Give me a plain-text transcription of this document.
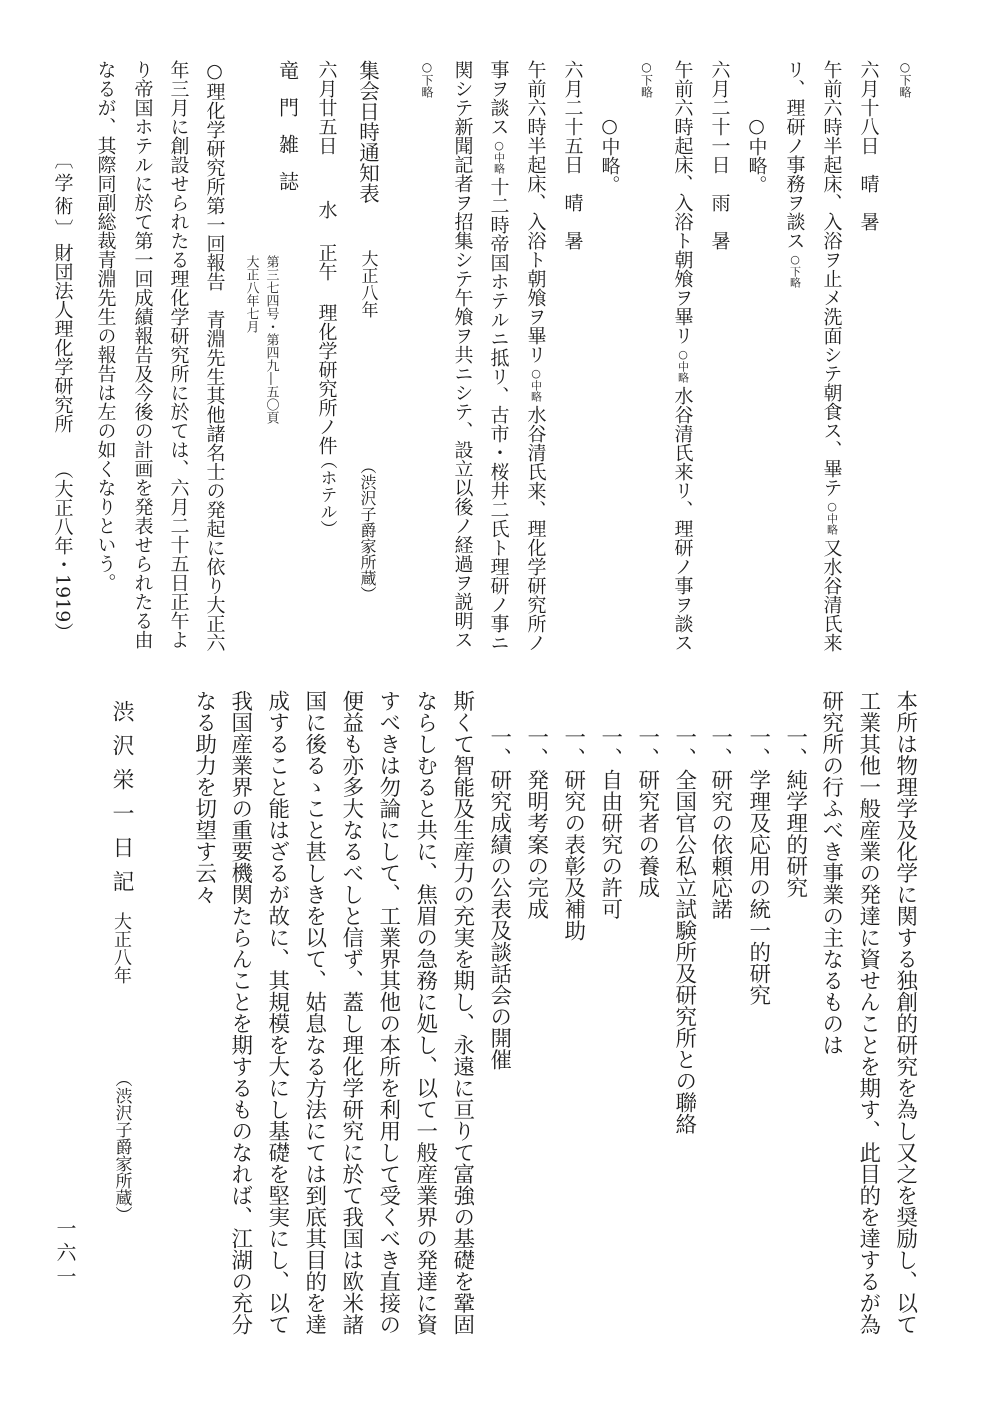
○下略
六月十八日　晴　暑
午前六時半起床、入浴ヲ止メ洗面シテ朝食ス、畢テ○中略又水谷清氏来
リ、理研ノ事務ヲ談ス○下略
○中略。
六月二十一日　雨　暑
午前六時起床、入浴ト朝飧ヲ畢リ○中略水谷清氏来リ、理研ノ事ヲ談ス
○下略
○中略。
六月二十五日　晴　暑
午前六時半起床、入浴ト朝飧ヲ畢リ○中略水谷清氏来、理化学研究所ノ
事ヲ談ス○中略十二時帝国ホテルニ抵リ、古市・桜井二氏ト理研ノ事ニ
関シテ新聞記者ヲ招集シテ午飧ヲ共ニシテ、設立以後ノ経過ヲ説明ス
○下略
集会日時通知表
大正八年
（渋沢子爵家所蔵）
六月廿五日
水
正午
理化学研究所ノ件
（ホテル）
竜門雑誌
第三七四号・第四九―五〇頁
大正八年七月
○理化学研究所第一回報告　青淵先生其他諸名士の発起に依り大正六
年三月に創設せられたる理化学研究所に於ては、六月二十五日正午よ
り帝国ホテルに於て第一回成績報告及今後の計画を発表せられたる由
なるが、其際同副総裁青淵先生の報告は左の如くなりという。
〔学術〕
財団法人理化学研究所
（大正八年・1919）
本所は物理学及化学に関する独創的研究を為し又之を奨励し、以て
工業其他一般産業の発達に資せんことを期す、此目的を達するが為
研究所の行ふべき事業の主なるものは
一、純学理的研究
一、学理及応用の統一的研究
一、研究の依頼応諾
一、全国官公私立試験所及研究所との聯絡
一、研究者の養成
一、自由研究の許可
一、研究の表彰及補助
一、発明考案の完成
一、研究成績の公表及談話会の開催
斯くて智能及生産力の充実を期し、永遠に亘りて富強の基礎を鞏固
ならしむると共に、焦眉の急務に処し、以て一般産業界の発達に資
すべきは勿論にして、工業界其他の本所を利用して受くべき直接の
便益も亦多大なるべしと信ず、蓋し理化学研究に於て我国は欧米諸
国に後るゝこと甚しきを以て、姑息なる方法にては到底其目的を達
成すること能はざるが故に、其規模を大にし基礎を堅実にし、以て
我国産業界の重要機関たらんことを期するものなれば、江湖の充分
なる助力を切望す云々
渋沢栄一日記
大正八年
（渋沢子爵家所蔵）
一六一
